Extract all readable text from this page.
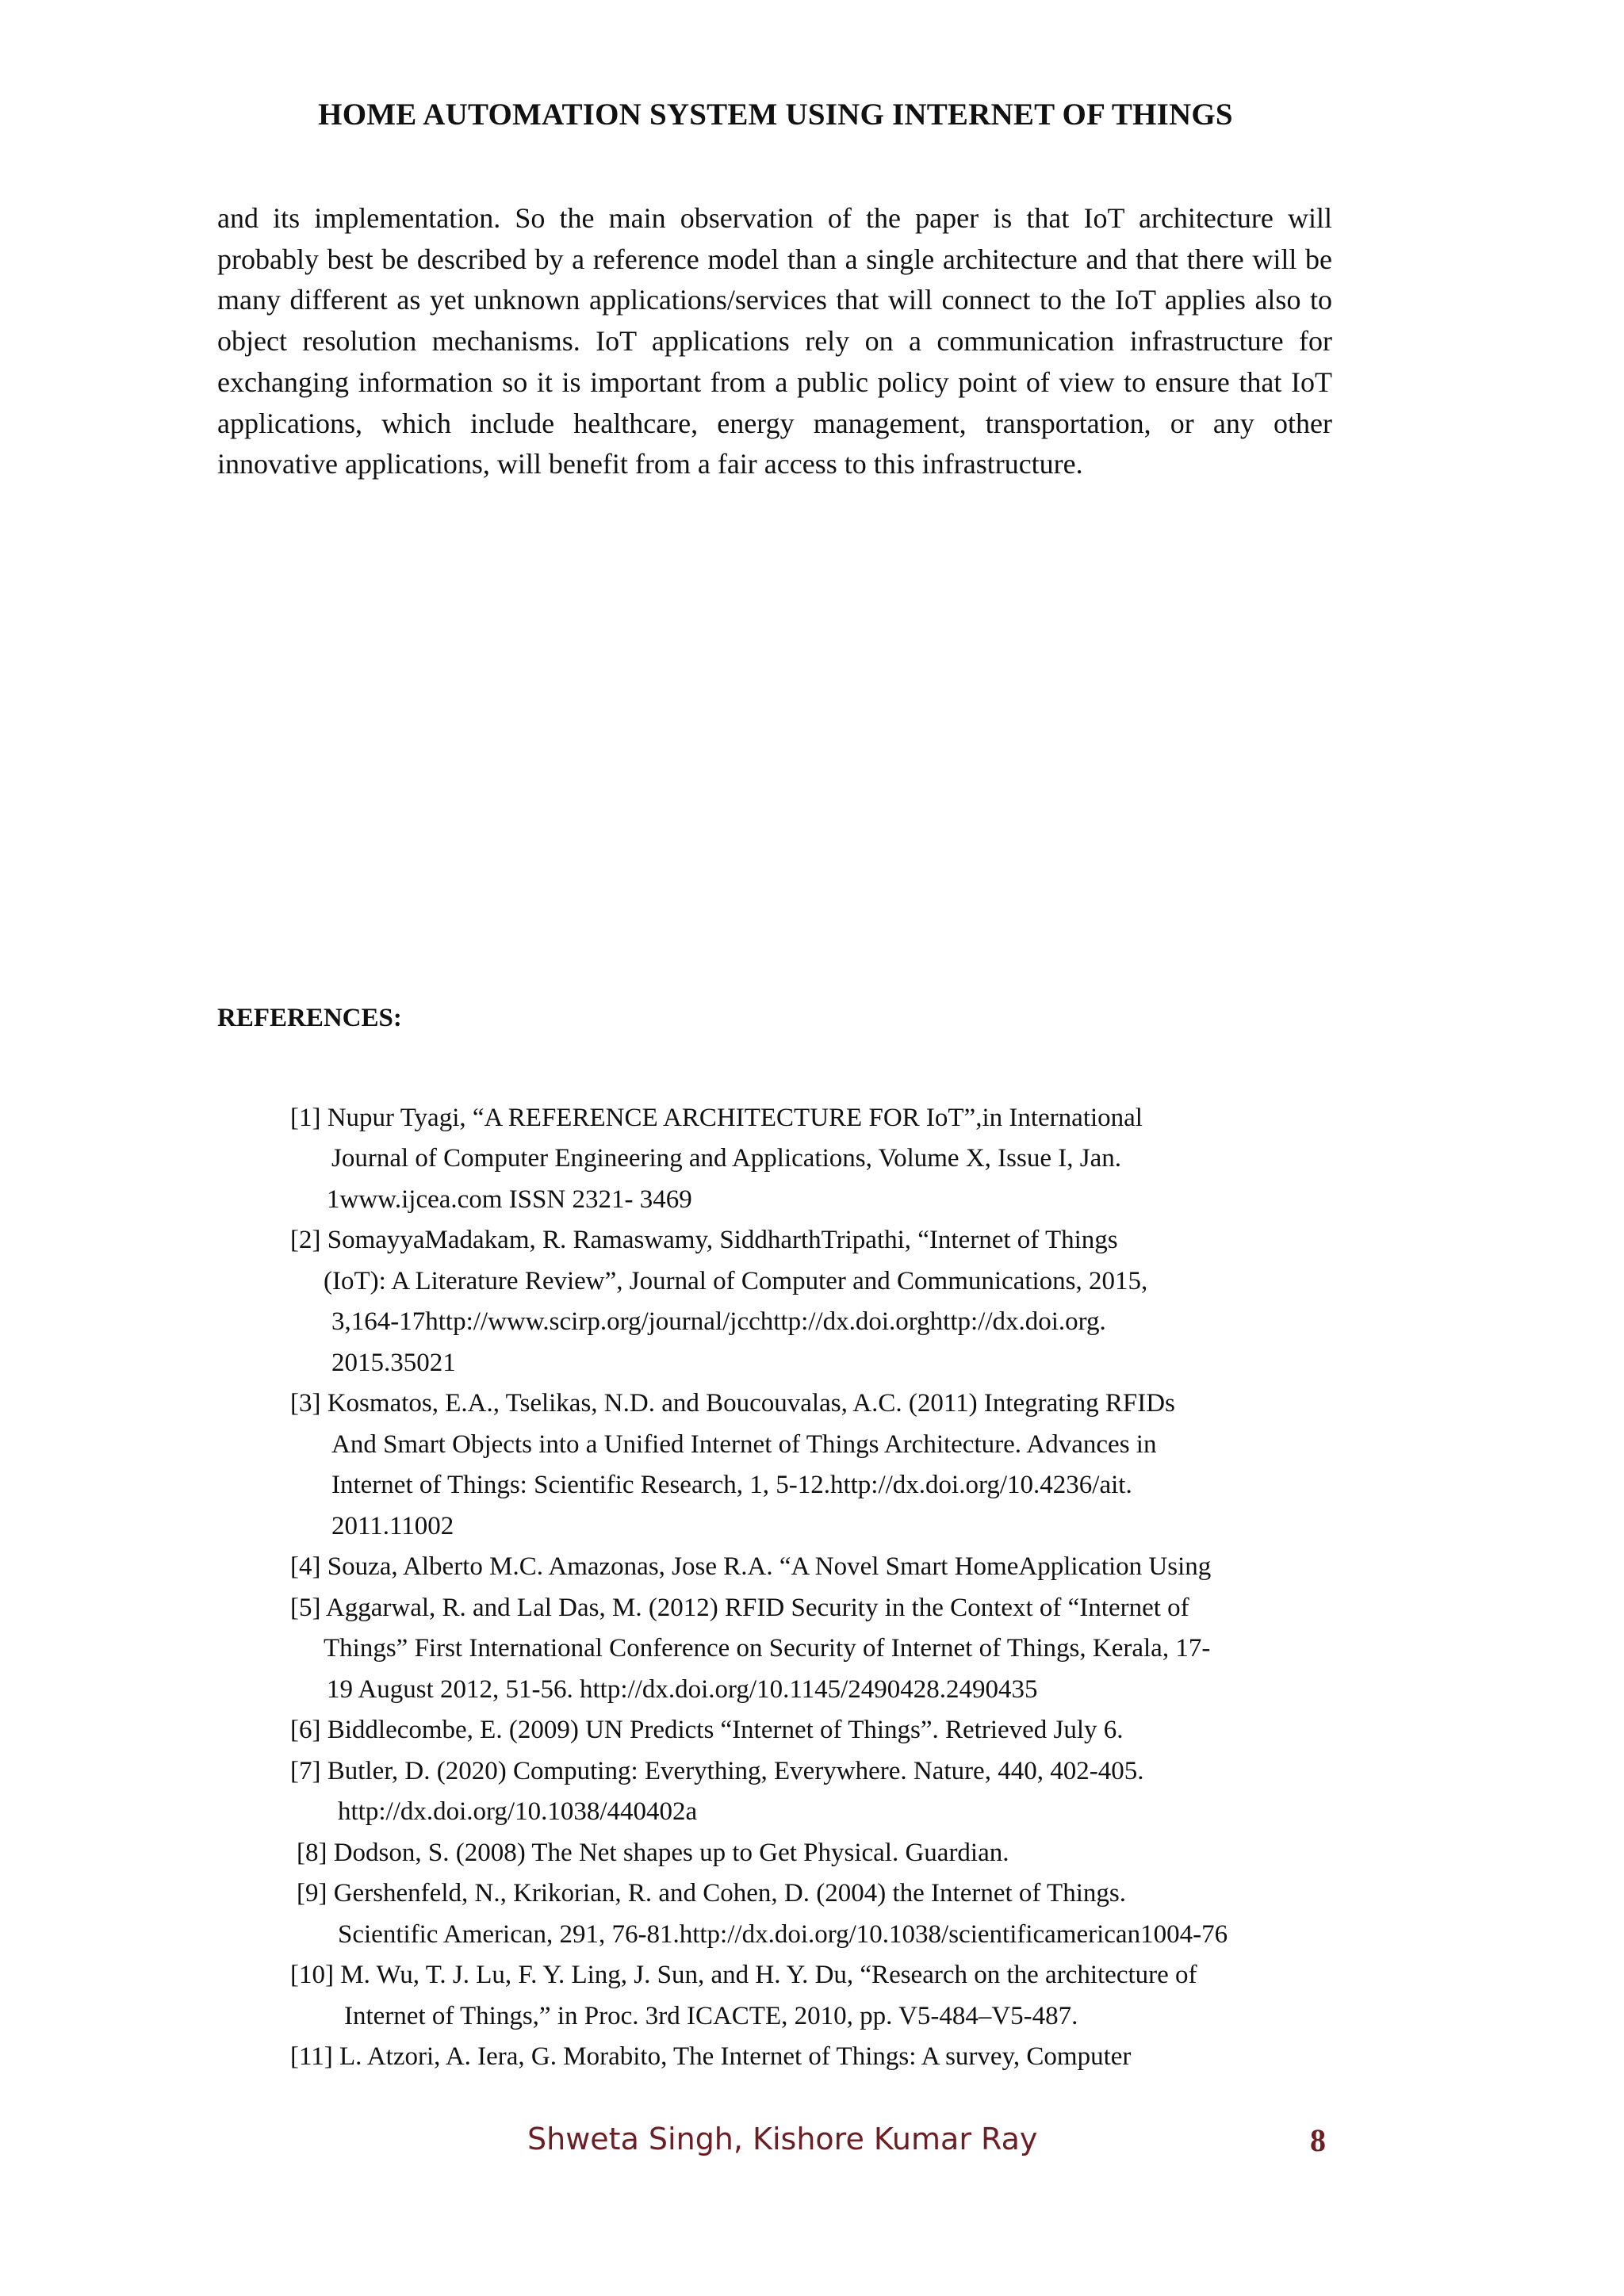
HOME AUTOMATION SYSTEM USING INTERNET OF THINGS

and its implementation. So the main observation of the paper is that IoT architecture will probably best be described by a reference model than a single architecture and that there will be many different as yet unknown applications/services that will connect to the IoT applies also to object resolution mechanisms. IoT applications rely on a communication infrastructure for exchanging information so it is important from a public policy point of view to ensure that IoT applications, which include healthcare, energy management, transportation, or any other innovative applications, will benefit from a fair access to this infrastructure.

REFERENCES:
[1] Nupur Tyagi, “A REFERENCE ARCHITECTURE FOR IoT”,in International
Journal of Computer Engineering and Applications, Volume X, Issue I, Jan.
1www.ijcea.com ISSN 2321- 3469
[2] SomayyaMadakam, R. Ramaswamy, SiddharthTripathi, “Internet of Things
(IoT): A Literature Review”, Journal of Computer and Communications, 2015,
3,164-17http://www.scirp.org/journal/jcchttp://dx.doi.orghttp://dx.doi.org.
2015.35021
[3] Kosmatos, E.A., Tselikas, N.D. and Boucouvalas, A.C. (2011) Integrating RFIDs
And Smart Objects into a Unified Internet of Things Architecture. Advances in
Internet of Things: Scientific Research, 1, 5-12.http://dx.doi.org/10.4236/ait.
2011.11002
[4] Souza, Alberto M.C. Amazonas, Jose R.A. “A Novel Smart HomeApplication Using
[5] Aggarwal, R. and Lal Das, M. (2012) RFID Security in the Context of “Internet of
Things” First International Conference on Security of Internet of Things, Kerala, 17-
19 August 2012, 51-56. http://dx.doi.org/10.1145/2490428.2490435
[6] Biddlecombe, E. (2009) UN Predicts “Internet of Things”. Retrieved July 6.
[7] Butler, D. (2020) Computing: Everything, Everywhere. Nature, 440, 402-405.
http://dx.doi.org/10.1038/440402a
[8] Dodson, S. (2008) The Net shapes up to Get Physical. Guardian.
[9] Gershenfeld, N., Krikorian, R. and Cohen, D. (2004) the Internet of Things.
Scientific American, 291, 76-81.http://dx.doi.org/10.1038/scientificamerican1004-76
[10] M. Wu, T. J. Lu, F. Y. Ling, J. Sun, and H. Y. Du, “Research on the architecture of
Internet of Things,” in Proc. 3rd ICACTE, 2010, pp. V5-484–V5-487.
[11] L. Atzori, A. Iera, G. Morabito, The Internet of Things: A survey, Computer

Shweta Singh, Kishore Kumar Ray	8
